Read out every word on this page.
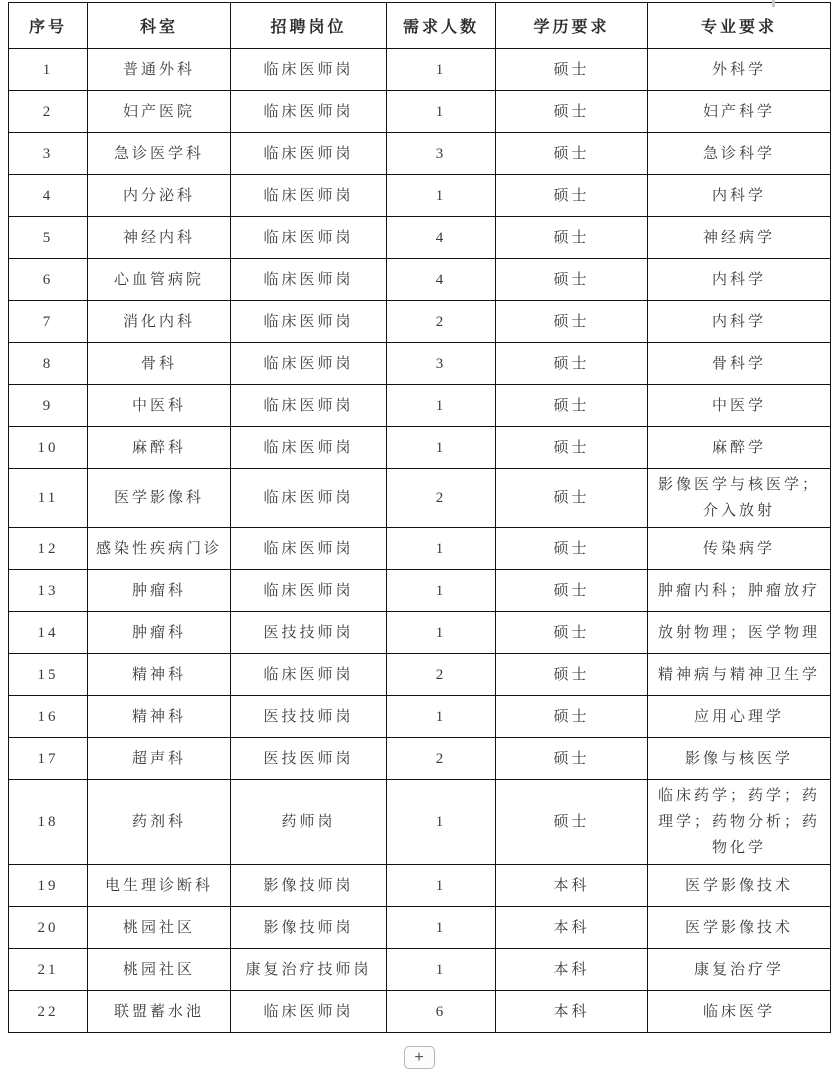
序号	科室	招聘岗位	需求人数	学历要求	专业要求
1	普通外科	临床医师岗	1	硕士	外科学
2	妇产医院	临床医师岗	1	硕士	妇产科学
3	急诊医学科	临床医师岗	3	硕士	急诊科学
4	内分泌科	临床医师岗	1	硕士	内科学
5	神经内科	临床医师岗	4	硕士	神经病学
6	心血管病院	临床医师岗	4	硕士	内科学
7	消化内科	临床医师岗	2	硕士	内科学
8	骨科	临床医师岗	3	硕士	骨科学
9	中医科	临床医师岗	1	硕士	中医学
10	麻醉科	临床医师岗	1	硕士	麻醉学
11	医学影像科	临床医师岗	2	硕士	影像医学与核医学；介入放射
12	感染性疾病门诊	临床医师岗	1	硕士	传染病学
13	肿瘤科	临床医师岗	1	硕士	肿瘤内科；肿瘤放疗
14	肿瘤科	医技技师岗	1	硕士	放射物理；医学物理
15	精神科	临床医师岗	2	硕士	精神病与精神卫生学
16	精神科	医技技师岗	1	硕士	应用心理学
17	超声科	医技医师岗	2	硕士	影像与核医学
18	药剂科	药师岗	1	硕士	临床药学；药学；药理学；药物分析；药物化学
19	电生理诊断科	影像技师岗	1	本科	医学影像技术
20	桃园社区	影像技师岗	1	本科	医学影像技术
21	桃园社区	康复治疗技师岗	1	本科	康复治疗学
22	联盟蓄水池	临床医师岗	6	本科	临床医学
+
